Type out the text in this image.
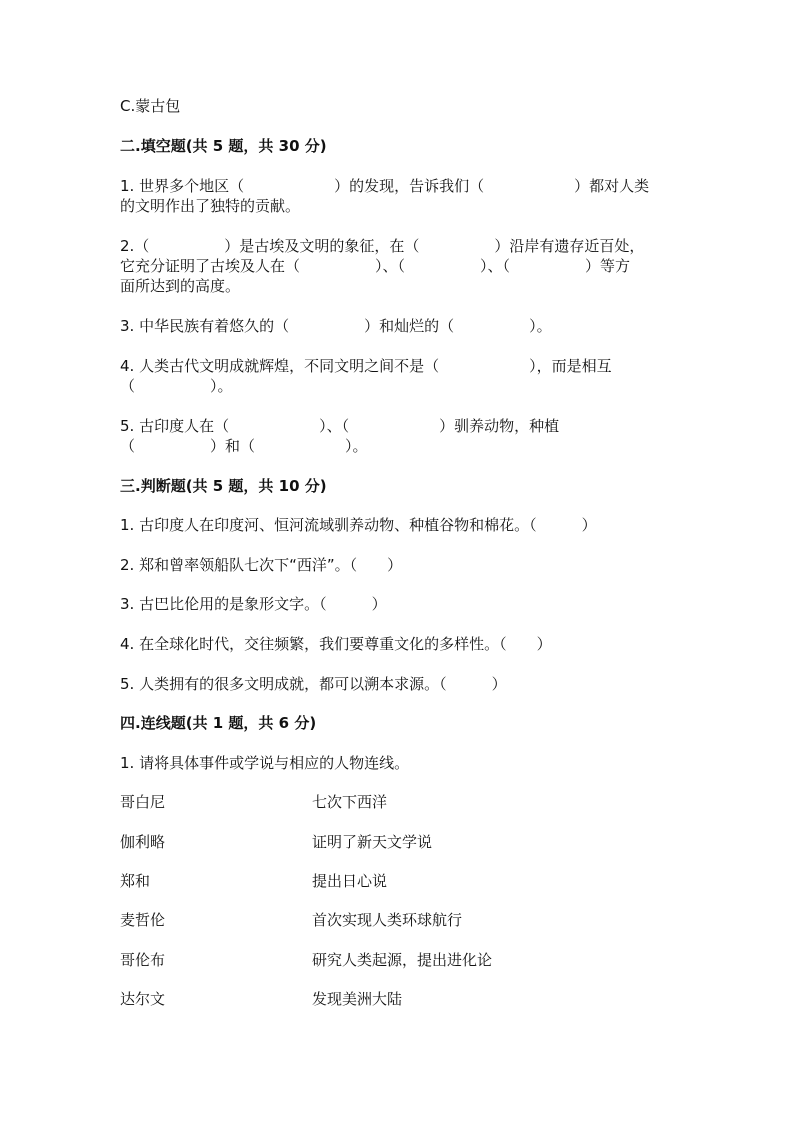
C.蒙古包
二.填空题(共 5 题，共 30 分)
1. 世界多个地区（　　　　　　）的发现，告诉我们（　　　　　　）都对人类
的文明作出了独特的贡献。
2.（　　　　　）是古埃及文明的象征，在（　　　　　）沿岸有遗存近百处，
它充分证明了古埃及人在（　　　　　）、（　　　　　）、（　　　　　）等方
面所达到的高度。
3. 中华民族有着悠久的（　　　　　）和灿烂的（　　　　　）。
4. 人类古代文明成就辉煌，不同文明之间不是（　　　　　　），而是相互
（　　　　　）。
5. 古印度人在（　　　　　　）、（　　　　　　）驯养动物，种植
（　　　　　）和（　　　　　　）。
三.判断题(共 5 题，共 10 分)
1. 古印度人在印度河、恒河流域驯养动物、种植谷物和棉花。（　　　）
2. 郑和曾率领船队七次下“西洋”。（　　）
3. 古巴比伦用的是象形文字。（　　　）
4. 在全球化时代，交往频繁，我们要尊重文化的多样性。（　　）
5. 人类拥有的很多文明成就，都可以溯本求源。（　　　）
四.连线题(共 1 题，共 6 分)
1. 请将具体事件或学说与相应的人物连线。
哥白尼	七次下西洋
伽利略	证明了新天文学说
郑和	提出日心说
麦哲伦	首次实现人类环球航行
哥伦布	研究人类起源，提出进化论
达尔文	发现美洲大陆
